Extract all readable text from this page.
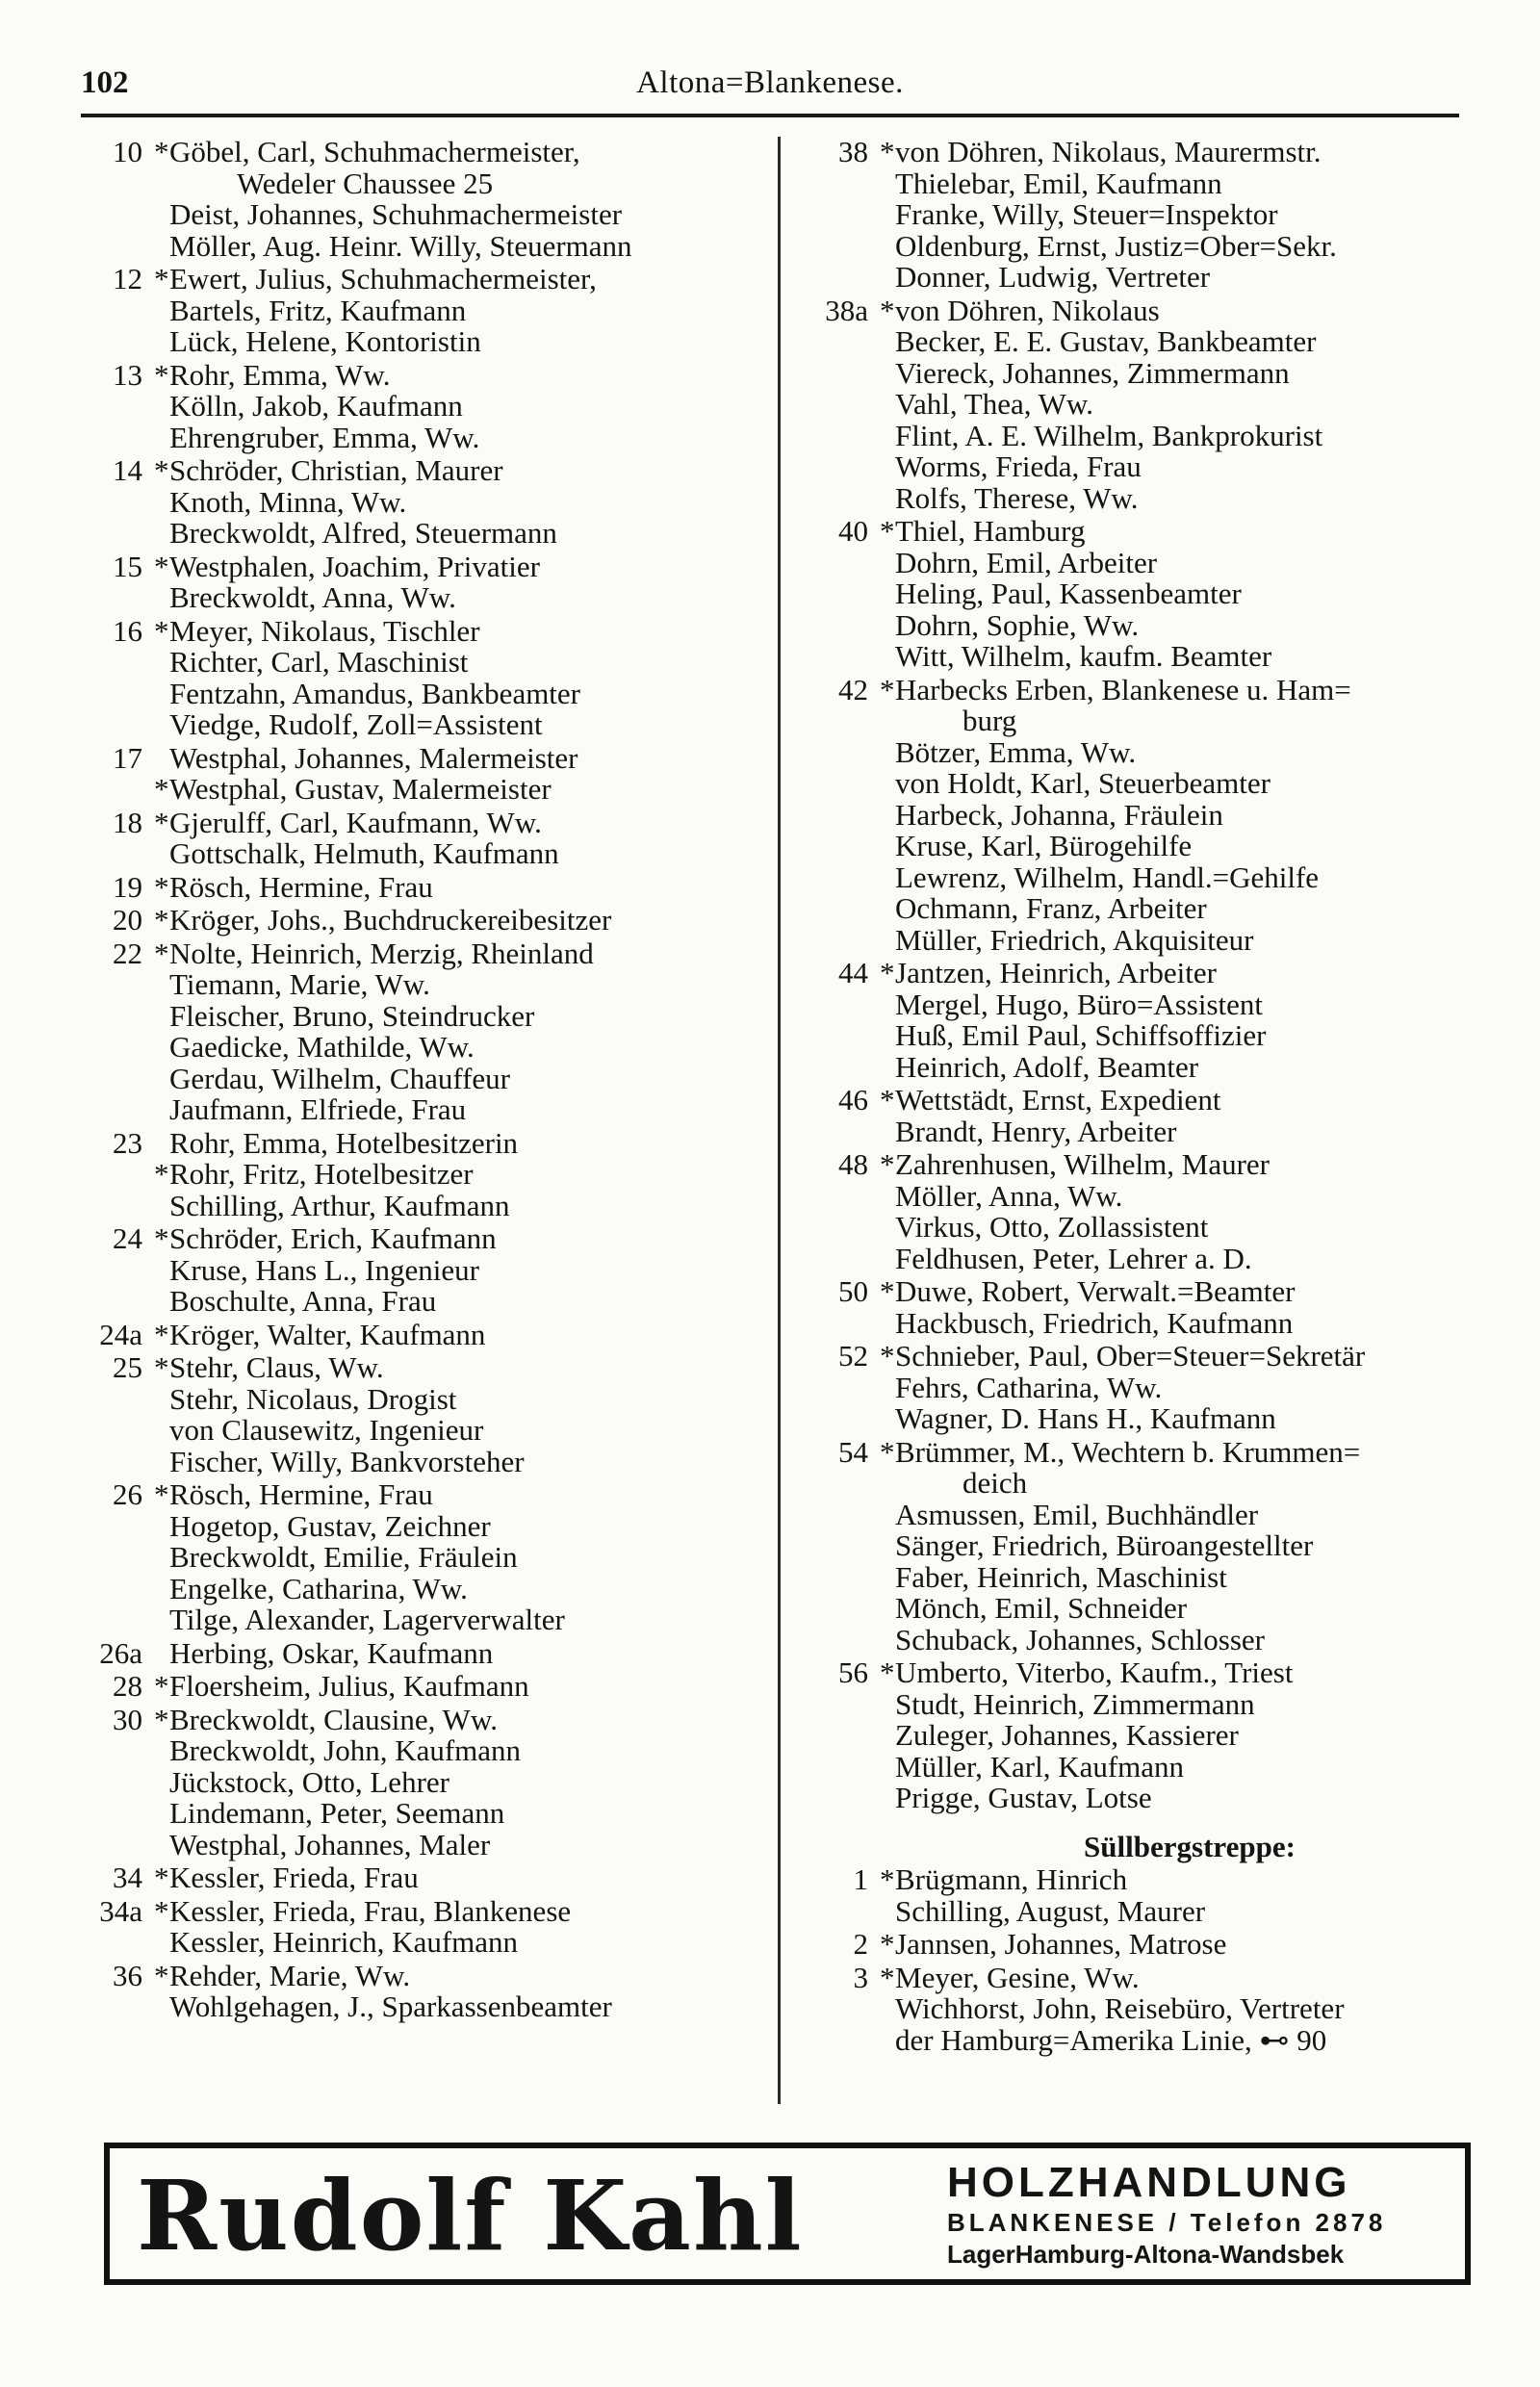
102	Altona=Blankenese.
10 * Göbel, Carl, Schuhmachermeister,
Wedeler Chaussee 25
Deist, Johannes, Schuhmachermeister
Möller, Aug. Heinr. Willy, Steuermann
12 * Ewert, Julius, Schuhmachermeister,
Bartels, Fritz, Kaufmann
Lück, Helene, Kontoristin
13 * Rohr, Emma, Ww.
Kölln, Jakob, Kaufmann
Ehrengruber, Emma, Ww.
14 * Schröder, Christian, Maurer
Knoth, Minna, Ww.
Breckwoldt, Alfred, Steuermann
15 * Westphalen, Joachim, Privatier
Breckwoldt, Anna, Ww.
16 * Meyer, Nikolaus, Tischler
Richter, Carl, Maschinist
Fentzahn, Amandus, Bankbeamter
Viedge, Rudolf, Zoll=Assistent
17 Westphal, Johannes, Malermeister
* Westphal, Gustav, Malermeister
18 * Gjerulff, Carl, Kaufmann, Ww.
Gottschalk, Helmuth, Kaufmann
19 * Rösch, Hermine, Frau
20 * Kröger, Johs., Buchdruckereibesitzer
22 * Nolte, Heinrich, Merzig, Rheinland
Tiemann, Marie, Ww.
Fleischer, Bruno, Steindrucker
Gaedicke, Mathilde, Ww.
Gerdau, Wilhelm, Chauffeur
Jaufmann, Elfriede, Frau
23 Rohr, Emma, Hotelbesitzerin
* Rohr, Fritz, Hotelbesitzer
Schilling, Arthur, Kaufmann
24 * Schröder, Erich, Kaufmann
Kruse, Hans L., Ingenieur
Boschulte, Anna, Frau
24a * Kröger, Walter, Kaufmann
25 * Stehr, Claus, Ww.
Stehr, Nicolaus, Drogist
von Clausewitz, Ingenieur
Fischer, Willy, Bankvorsteher
26 * Rösch, Hermine, Frau
Hogetop, Gustav, Zeichner
Breckwoldt, Emilie, Fräulein
Engelke, Catharina, Ww.
Tilge, Alexander, Lagerverwalter
26a Herbing, Oskar, Kaufmann
28 * Floersheim, Julius, Kaufmann
30 * Breckwoldt, Clausine, Ww.
Breckwoldt, John, Kaufmann
Jückstock, Otto, Lehrer
Lindemann, Peter, Seemann
Westphal, Johannes, Maler
34 * Kessler, Frieda, Frau
34a * Kessler, Frieda, Frau, Blankenese
Kessler, Heinrich, Kaufmann
36 * Rehder, Marie, Ww.
Wohlgehagen, J., Sparkassenbeamter
38 * von Döhren, Nikolaus, Maurermstr.
Thielebar, Emil, Kaufmann
Franke, Willy, Steuer=Inspektor
Oldenburg, Ernst, Justiz=Ober=Sekr.
Donner, Ludwig, Vertreter
38a * von Döhren, Nikolaus
Becker, E. E. Gustav, Bankbeamter
Viereck, Johannes, Zimmermann
Vahl, Thea, Ww.
Flint, A. E. Wilhelm, Bankprokurist
Worms, Frieda, Frau
Rolfs, Therese, Ww.
40 * Thiel, Hamburg
Dohrn, Emil, Arbeiter
Heling, Paul, Kassenbeamter
Dohrn, Sophie, Ww.
Witt, Wilhelm, kaufm. Beamter
42 * Harbecks Erben, Blankenese u. Ham=
burg
Bötzer, Emma, Ww.
von Holdt, Karl, Steuerbeamter
Harbeck, Johanna, Fräulein
Kruse, Karl, Bürogehilfe
Lewrenz, Wilhelm, Handl.=Gehilfe
Ochmann, Franz, Arbeiter
Müller, Friedrich, Akquisiteur
44 * Jantzen, Heinrich, Arbeiter
Mergel, Hugo, Büro=Assistent
Huß, Emil Paul, Schiffsoffizier
Heinrich, Adolf, Beamter
46 * Wettstädt, Ernst, Expedient
Brandt, Henry, Arbeiter
48 * Zahrenhusen, Wilhelm, Maurer
Möller, Anna, Ww.
Virkus, Otto, Zollassistent
Feldhusen, Peter, Lehrer a. D.
50 * Duwe, Robert, Verwalt.=Beamter
Hackbusch, Friedrich, Kaufmann
52 * Schnieber, Paul, Ober=Steuer=Sekretär
Fehrs, Catharina, Ww.
Wagner, D. Hans H., Kaufmann
54 * Brümmer, M., Wechtern b. Krummen=
deich
Asmussen, Emil, Buchhändler
Sänger, Friedrich, Büroangestellter
Faber, Heinrich, Maschinist
Mönch, Emil, Schneider
Schuback, Johannes, Schlosser
56 * Umberto, Viterbo, Kaufm., Triest
Studt, Heinrich, Zimmermann
Zuleger, Johannes, Kassierer
Müller, Karl, Kaufmann
Prigge, Gustav, Lotse
Süllbergstreppe:
1 * Brügmann, Hinrich
Schilling, August, Maurer
2 * Jannsen, Johannes, Matrose
3 * Meyer, Gesine, Ww.
Wichhorst, John, Reisebüro, Vertreter
der Hamburg=Amerika Linie, ⊷ 90
Rudolf Kahl	HOLZHANDLUNG
BLANKENESE / Telefon 2878
LagerHamburg-Altona-Wandsbek
